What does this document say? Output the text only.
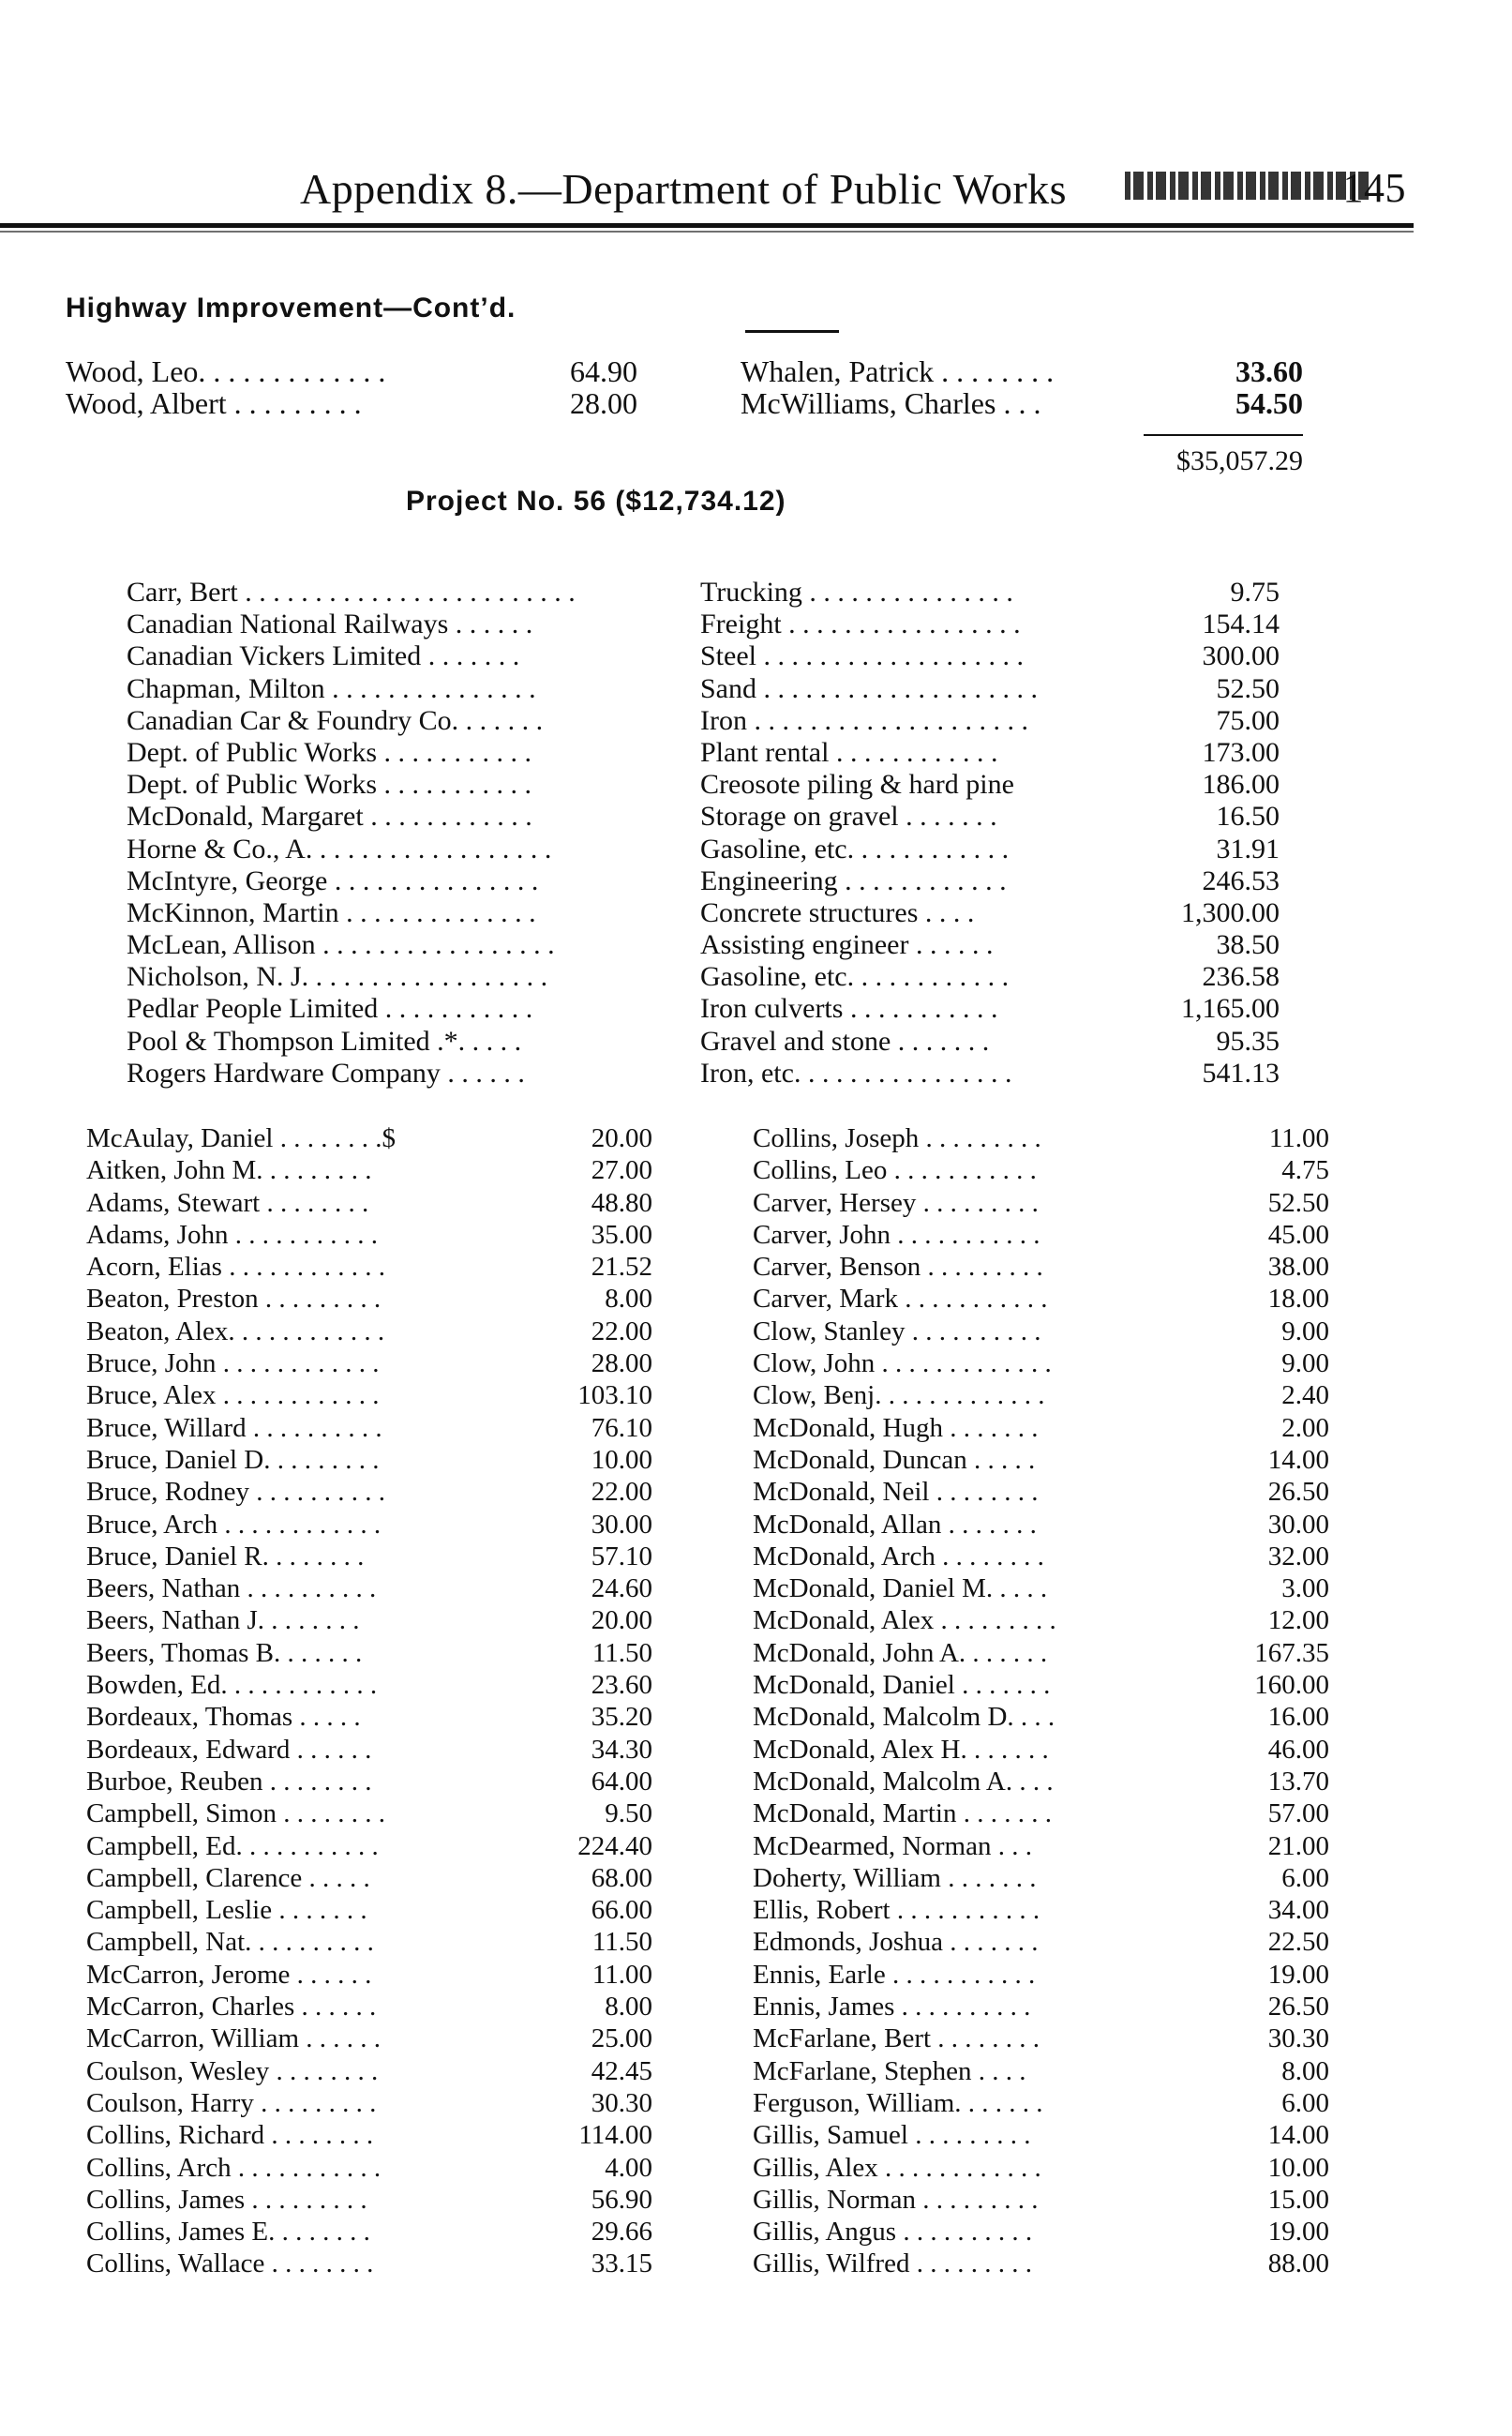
Appendix 8.—Department of Public Works	145
Highway Improvement—Cont’d.
Wood, Leo. . . . . . . . . . . . .	64.90
Wood, Albert . . . . . . . . .	28.00
Whalen, Patrick . . . . . . . .	33.60
McWilliams, Charles . . .	54.50
$35,057.29
Project No. 56 ($12,734.12)
Carr, Bert . . . . . . . . . . . . . . . . . . . . . . . .	Trucking . . . . . . . . . . . . . . .	9.75
Canadian National Railways . . . . . .	Freight . . . . . . . . . . . . . . . . .	154.14
Canadian Vickers Limited . . . . . . .	Steel . . . . . . . . . . . . . . . . . . .	300.00
Chapman, Milton . . . . . . . . . . . . . . .	Sand . . . . . . . . . . . . . . . . . . . .	52.50
Canadian Car & Foundry Co. . . . . . .	Iron . . . . . . . . . . . . . . . . . . . .	75.00
Dept. of Public Works . . . . . . . . . . .	Plant rental . . . . . . . . . . . .	173.00
Dept. of Public Works . . . . . . . . . . .	Creosote piling & hard pine	186.00
McDonald, Margaret . . . . . . . . . . . .	Storage on gravel . . . . . . .	16.50
Horne & Co., A. . . . . . . . . . . . . . . . . .	Gasoline, etc. . . . . . . . . . . .	31.91
McIntyre, George . . . . . . . . . . . . . . .	Engineering . . . . . . . . . . . .	246.53
McKinnon, Martin . . . . . . . . . . . . . .	Concrete structures . . . .	1,300.00
McLean, Allison . . . . . . . . . . . . . . . . .	Assisting engineer . . . . . .	38.50
Nicholson, N. J. . . . . . . . . . . . . . . . . .	Gasoline, etc. . . . . . . . . . . .	236.58
Pedlar People Limited . . . . . . . . . . .	Iron culverts . . . . . . . . . . .	1,165.00
Pool & Thompson Limited .*. . . . .	Gravel and stone . . . . . . .	95.35
Rogers Hardware Company . . . . . .	Iron, etc. . . . . . . . . . . . . . . .	541.13
McAulay, Daniel . . . . . . . .$	20.00
Aitken, John M. . . . . . . . .	27.00
Adams, Stewart . . . . . . . .	48.80
Adams, John . . . . . . . . . . .	35.00
Acorn, Elias . . . . . . . . . . . .	21.52
Beaton, Preston . . . . . . . . .	8.00
Beaton, Alex. . . . . . . . . . . .	22.00
Bruce, John . . . . . . . . . . . .	28.00
Bruce, Alex . . . . . . . . . . . .	103.10
Bruce, Willard . . . . . . . . . .	76.10
Bruce, Daniel D. . . . . . . . .	10.00
Bruce, Rodney . . . . . . . . . .	22.00
Bruce, Arch . . . . . . . . . . . .	30.00
Bruce, Daniel R. . . . . . . .	57.10
Beers, Nathan . . . . . . . . . .	24.60
Beers, Nathan J. . . . . . . .	20.00
Beers, Thomas B. . . . . . .	11.50
Bowden, Ed. . . . . . . . . . . .	23.60
Bordeaux, Thomas . . . . .	35.20
Bordeaux, Edward . . . . . .	34.30
Burboe, Reuben . . . . . . . .	64.00
Campbell, Simon . . . . . . . .	9.50
Campbell, Ed. . . . . . . . . . .	224.40
Campbell, Clarence . . . . .	68.00
Campbell, Leslie . . . . . . .	66.00
Campbell, Nat. . . . . . . . . .	11.50
McCarron, Jerome . . . . . .	11.00
McCarron, Charles . . . . . .	8.00
McCarron, William . . . . . .	25.00
Coulson, Wesley . . . . . . . .	42.45
Coulson, Harry . . . . . . . . .	30.30
Collins, Richard . . . . . . . .	114.00
Collins, Arch . . . . . . . . . . .	4.00
Collins, James . . . . . . . . .	56.90
Collins, James E. . . . . . . .	29.66
Collins, Wallace . . . . . . . .	33.15
Collins, Joseph . . . . . . . . .	11.00
Collins, Leo . . . . . . . . . . .	4.75
Carver, Hersey . . . . . . . . .	52.50
Carver, John . . . . . . . . . . .	45.00
Carver, Benson . . . . . . . . .	38.00
Carver, Mark . . . . . . . . . . .	18.00
Clow, Stanley . . . . . . . . . .	9.00
Clow, John . . . . . . . . . . . . .	9.00
Clow, Benj. . . . . . . . . . . . .	2.40
McDonald, Hugh . . . . . . .	2.00
McDonald, Duncan . . . . .	14.00
McDonald, Neil . . . . . . . .	26.50
McDonald, Allan . . . . . . .	30.00
McDonald, Arch . . . . . . . .	32.00
McDonald, Daniel M. . . . .	3.00
McDonald, Alex . . . . . . . . .	12.00
McDonald, John A. . . . . . .	167.35
McDonald, Daniel . . . . . . .	160.00
McDonald, Malcolm D. . . .	16.00
McDonald, Alex H. . . . . . .	46.00
McDonald, Malcolm A. . . .	13.70
McDonald, Martin . . . . . . .	57.00
McDearmed, Norman . . .	21.00
Doherty, William . . . . . . .	6.00
Ellis, Robert . . . . . . . . . . .	34.00
Edmonds, Joshua . . . . . . .	22.50
Ennis, Earle . . . . . . . . . . .	19.00
Ennis, James . . . . . . . . . .	26.50
McFarlane, Bert . . . . . . . .	30.30
McFarlane, Stephen . . . .	8.00
Ferguson, William. . . . . . .	6.00
Gillis, Samuel . . . . . . . . .	14.00
Gillis, Alex . . . . . . . . . . . .	10.00
Gillis, Norman . . . . . . . . .	15.00
Gillis, Angus . . . . . . . . . .	19.00
Gillis, Wilfred . . . . . . . . .	88.00
